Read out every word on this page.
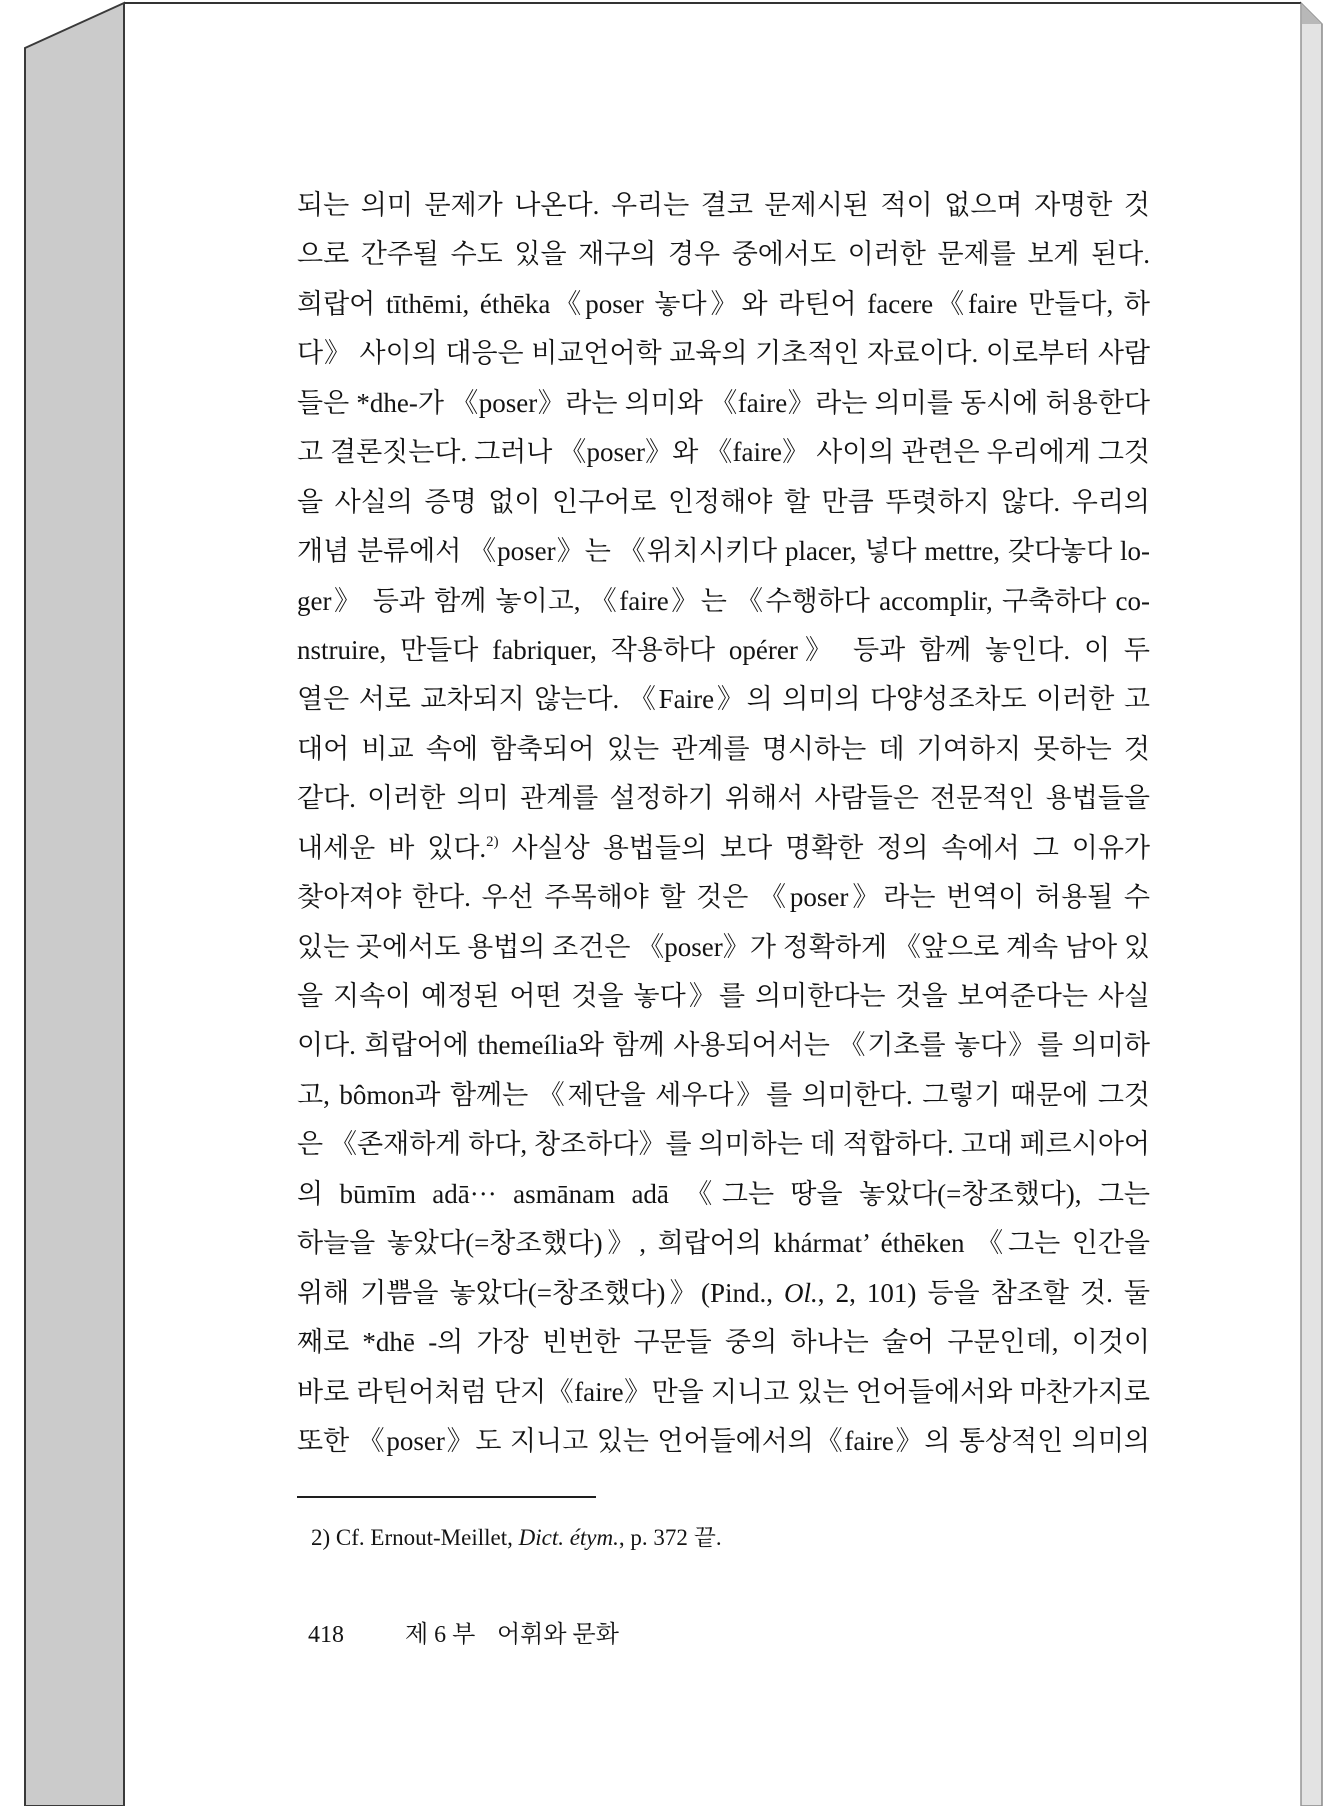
되는 의미 문제가 나온다. 우리는 결코 문제시된 적이 없으며 자명한 것
으로 간주될 수도 있을 재구의 경우 중에서도 이러한 문제를 보게 된다.
희랍어 tīthēmi, éthēka《poser 놓다》와 라틴어 facere《faire 만들다, 하
다》 사이의 대응은 비교언어학 교육의 기초적인 자료이다. 이로부터 사람
들은 *dhe-가 《poser》라는 의미와 《faire》라는 의미를 동시에 허용한다
고 결론짓는다. 그러나 《poser》와 《faire》 사이의 관련은 우리에게 그것
을 사실의 증명 없이 인구어로 인정해야 할 만큼 뚜렷하지 않다. 우리의
개념 분류에서 《poser》는 《위치시키다 placer, 넣다 mettre, 갖다놓다 lo-
ger》 등과 함께 놓이고, 《faire》는 《수행하다 accomplir, 구축하다 co-
nstruire, 만들다 fabriquer, 작용하다 opérer》 등과 함께 놓인다. 이 두
열은 서로 교차되지 않는다. 《Faire》의 의미의 다양성조차도 이러한 고
대어 비교 속에 함축되어 있는 관계를 명시하는 데 기여하지 못하는 것
같다. 이러한 의미 관계를 설정하기 위해서 사람들은 전문적인 용법들을
내세운 바 있다.$^{2)}$ 사실상 용법들의 보다 명확한 정의 속에서 그 이유가
찾아져야 한다. 우선 주목해야 할 것은 《poser》라는 번역이 허용될 수
있는 곳에서도 용법의 조건은 《poser》가 정확하게 《앞으로 계속 남아 있
을 지속이 예정된 어떤 것을 놓다》를 의미한다는 것을 보여준다는 사실
이다. 희랍어에 themeília와 함께 사용되어서는 《기초를 놓다》를 의미하
고, bômon과 함께는 《제단을 세우다》를 의미한다. 그렇기 때문에 그것
은 《존재하게 하다, 창조하다》를 의미하는 데 적합하다. 고대 페르시아어
의 būmīm adā··· asmānam adā 《그는 땅을 놓았다(=창조했다), 그는
하늘을 놓았다(=창조했다)》, 희랍어의 khármat’ éthēken 《그는 인간을
위해 기쁨을 놓았다(=창조했다)》(Pind., Ol., 2, 101) 등을 참조할 것. 둘
째로 *dhē -의 가장 빈번한 구문들 중의 하나는 술어 구문인데, 이것이
바로 라틴어처럼 단지《faire》만을 지니고 있는 언어들에서와 마찬가지로
또한 《poser》도 지니고 있는 언어들에서의《faire》의 통상적인 의미의
2) Cf. Ernout-Meillet, Dict. étym., p. 372 끝.
418	제 6 부 어휘와 문화
